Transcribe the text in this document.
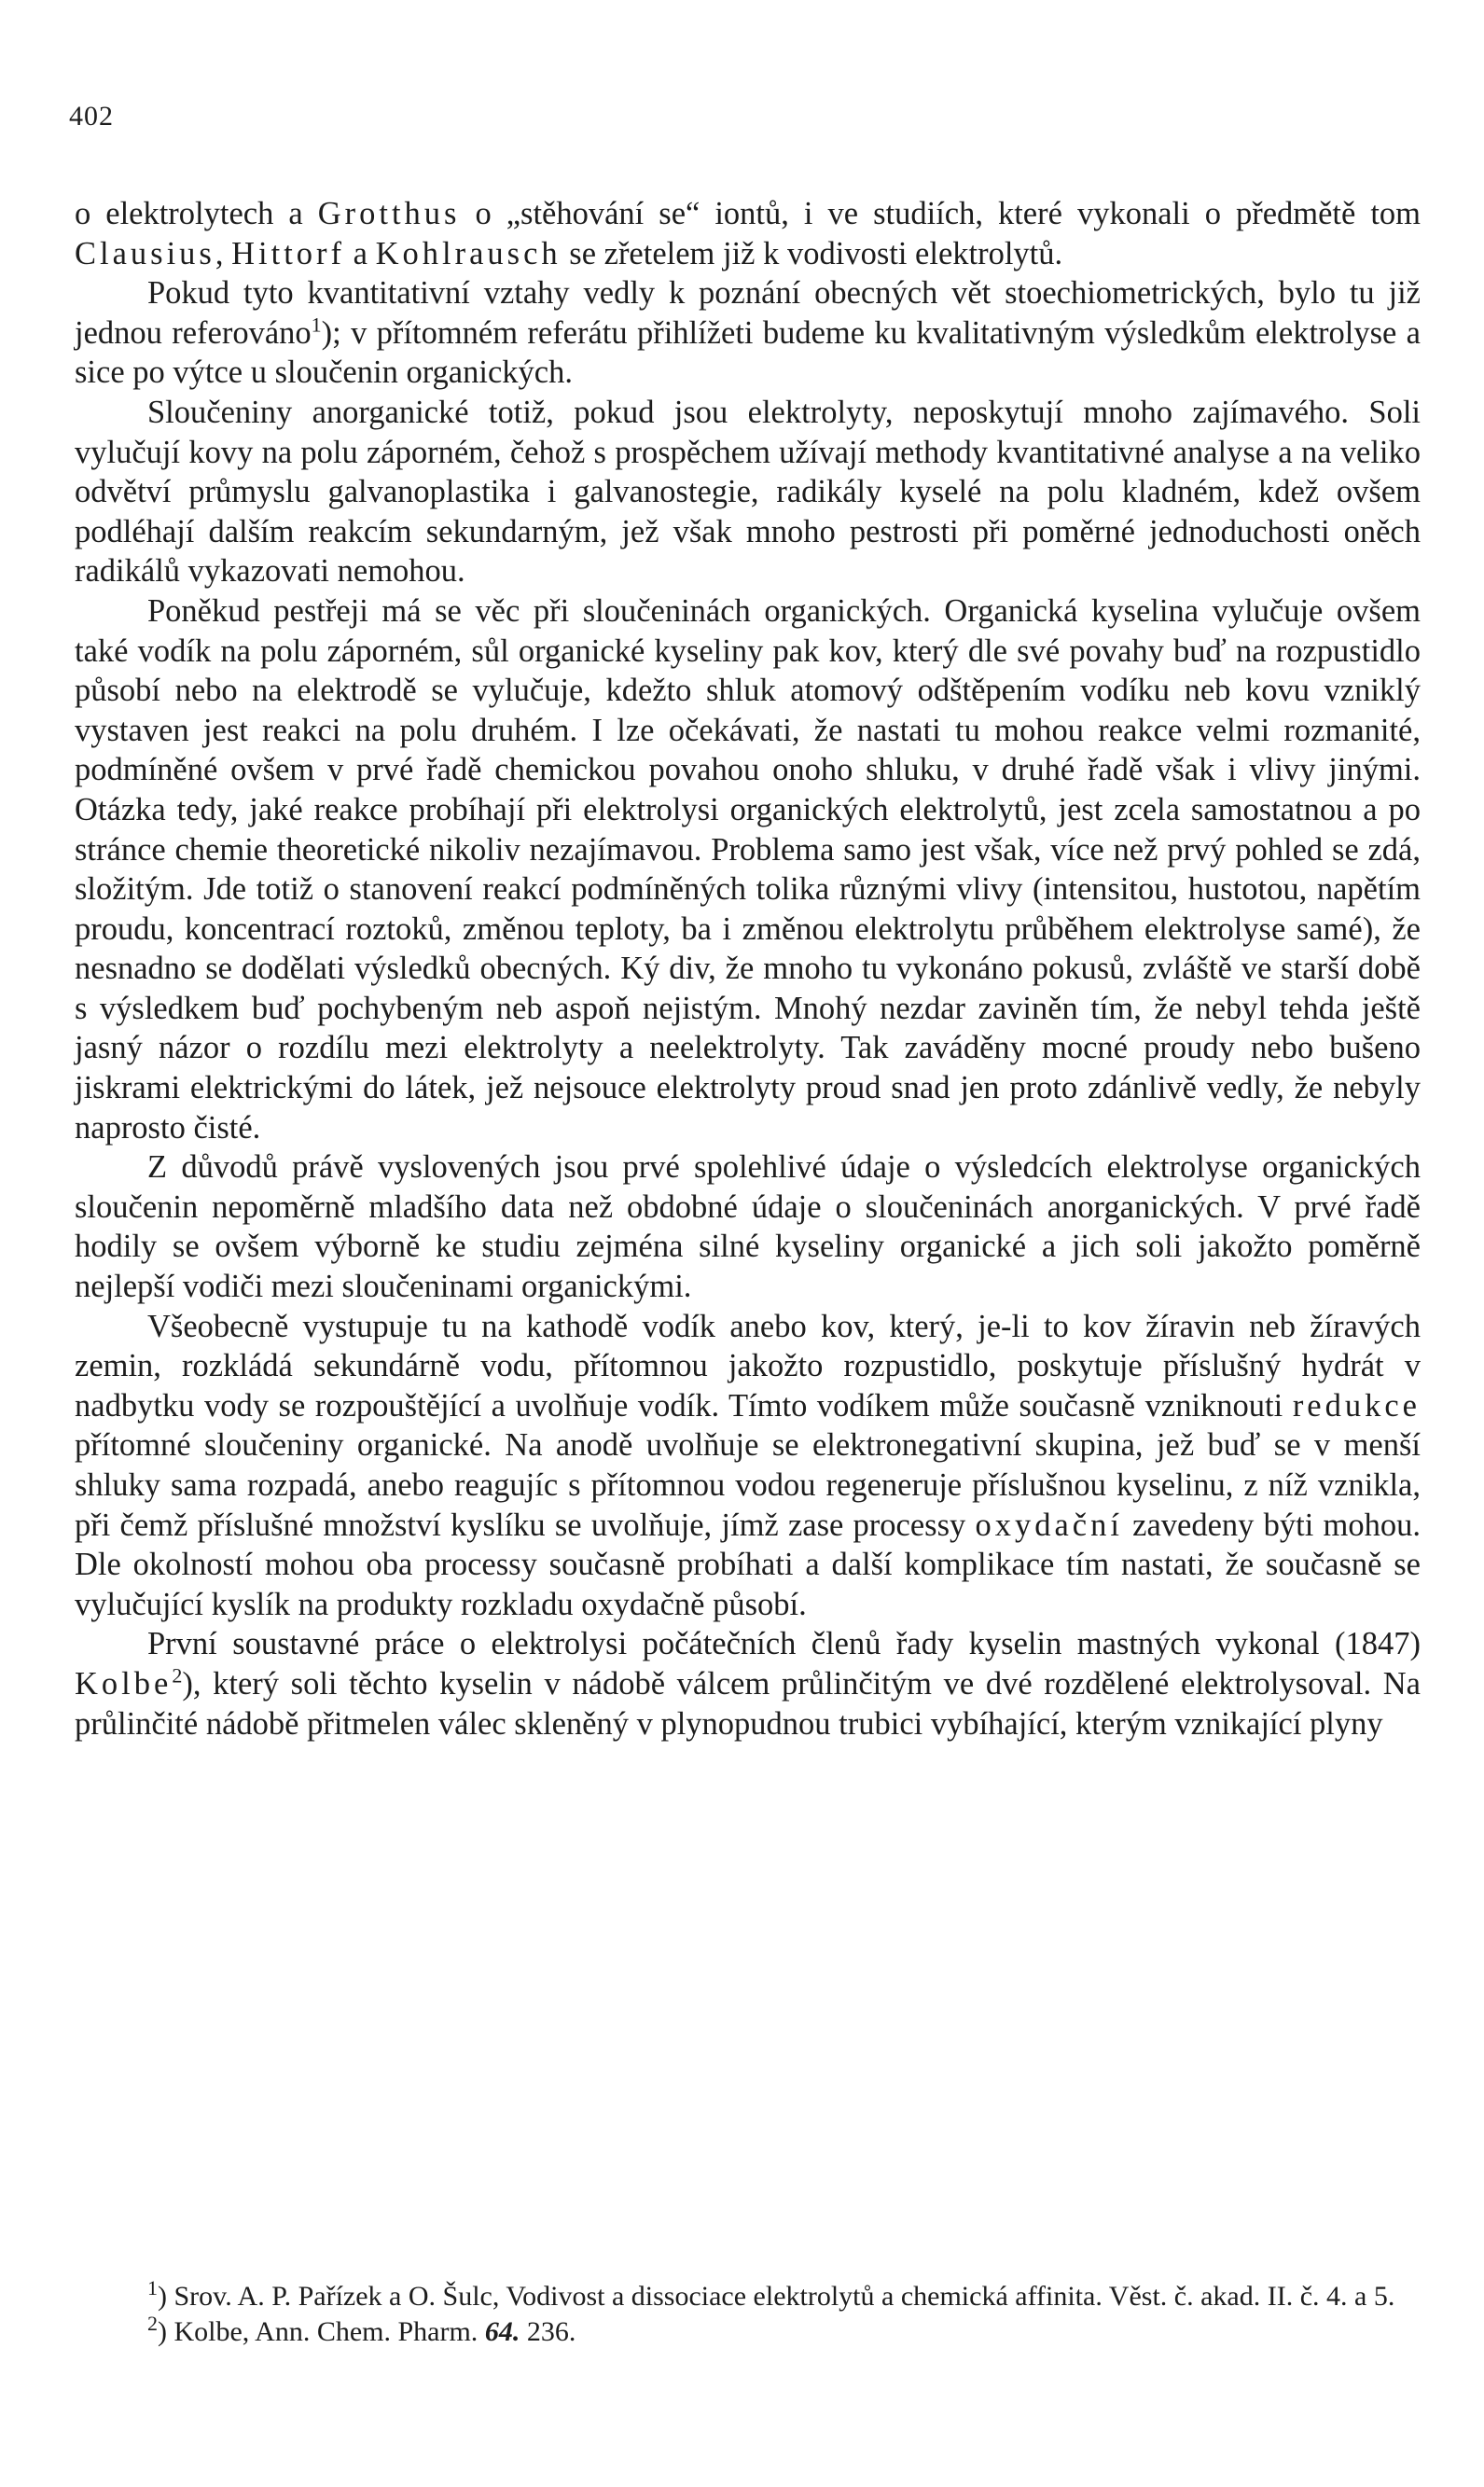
402

o elektrolytech a Grotthus o „stěhování se“ iontů, i ve studiích, které vykonali o předmětě tom Clausius, Hittorf a Kohlrausch se zřetelem již k vodivosti elektrolytů.

Pokud tyto kvantitativní vztahy vedly k poznání obecných vět stoechiometrických, bylo tu již jednou referováno$^1$); v přítomném referátu přihlížeti budeme ku kvalitativným výsledkům elektrolyse a sice po výtce u sloučenin organických.

Sloučeniny anorganické totiž, pokud jsou elektrolyty, neposkytují mnoho zajímavého. Soli vylučují kovy na polu záporném, čehož s prospěchem užívají methody kvantitativné analyse a na veliko odvětví průmyslu galvanoplastika i galvanostegie, radikály kyselé na polu kladném, kdež ovšem podléhají dalším reakcím sekundarným, jež však mnoho pestrosti při poměrné jednoduchosti oněch radikálů vykazovati nemohou.

Poněkud pestřeji má se věc při sloučeninách organických. Organická kyselina vylučuje ovšem také vodík na polu záporném, sůl organické kyseliny pak kov, který dle své povahy buď na rozpustidlo působí nebo na elektrodě se vylučuje, kdežto shluk atomový odštěpením vodíku neb kovu vzniklý vystaven jest reakci na polu druhém. I lze očekávati, že nastati tu mohou reakce velmi rozmanité, podmíněné ovšem v prvé řadě chemickou povahou onoho shluku, v druhé řadě však i vlivy jinými. Otázka tedy, jaké reakce probíhají při elektrolysi organických elektrolytů, jest zcela samostatnou a po stránce chemie theoretické nikoliv nezajímavou. Problema samo jest však, více než prvý pohled se zdá, složitým. Jde totiž o stanovení reakcí podmíněných tolika různými vlivy (intensitou, hustotou, napětím proudu, koncentrací roztoků, změnou teploty, ba i změnou elektrolytu průběhem elektrolyse samé), že nesnadno se dodělati výsledků obecných. Ký div, že mnoho tu vykonáno pokusů, zvláště ve starší době s výsledkem buď pochybeným neb aspoň nejistým. Mnohý nezdar zaviněn tím, že nebyl tehda ještě jasný názor o rozdílu mezi elektrolyty a neelektrolyty. Tak zaváděny mocné proudy nebo bušeno jiskrami elektrickými do látek, jež nejsouce elektrolyty proud snad jen proto zdánlivě vedly, že nebyly naprosto čisté.

Z důvodů právě vyslovených jsou prvé spolehlivé údaje o výsledcích elektrolyse organických sloučenin nepoměrně mladšího data než obdobné údaje o sloučeninách anorganických. V prvé řadě hodily se ovšem výborně ke studiu zejména silné kyseliny organické a jich soli jakožto poměrně nejlepší vodiči mezi sloučeninami organickými.

Všeobecně vystupuje tu na kathodě vodík anebo kov, který, je-li to kov žíravin neb žíravých zemin, rozkládá sekundárně vodu, přítomnou jakožto rozpustidlo, poskytuje příslušný hydrát v nadbytku vody se rozpouštějící a uvolňuje vodík. Tímto vodíkem může současně vzniknouti redukce přítomné sloučeniny organické. Na anodě uvolňuje se elektronegativní skupina, jež buď se v menší shluky sama rozpadá, anebo reagujíc s přítomnou vodou regeneruje příslušnou kyselinu, z níž vznikla, při čemž příslušné množství kyslíku se uvolňuje, jímž zase processy oxydační zavedeny býti mohou. Dle okolností mohou oba processy současně probíhati a další komplikace tím nastati, že současně se vylučující kyslík na produkty rozkladu oxydačně působí.

První soustavné práce o elektrolysi počátečních členů řady kyselin mastných vykonal (1847) Kolbe$^2$), který soli těchto kyselin v nádobě válcem průlinčitým ve dvé rozdělené elektrolysoval. Na průlinčité nádobě přitmelen válec skleněný v plynopudnou trubici vybíhající, kterým vznikající plyny

$^1$) Srov. A. P. Pařízek a O. Šulc, Vodivost a dissociace elektrolytů a chemická affinita. Věst. č. akad. II. č. 4. a 5.

$^2$) Kolbe, Ann. Chem. Pharm. 64. 236.
